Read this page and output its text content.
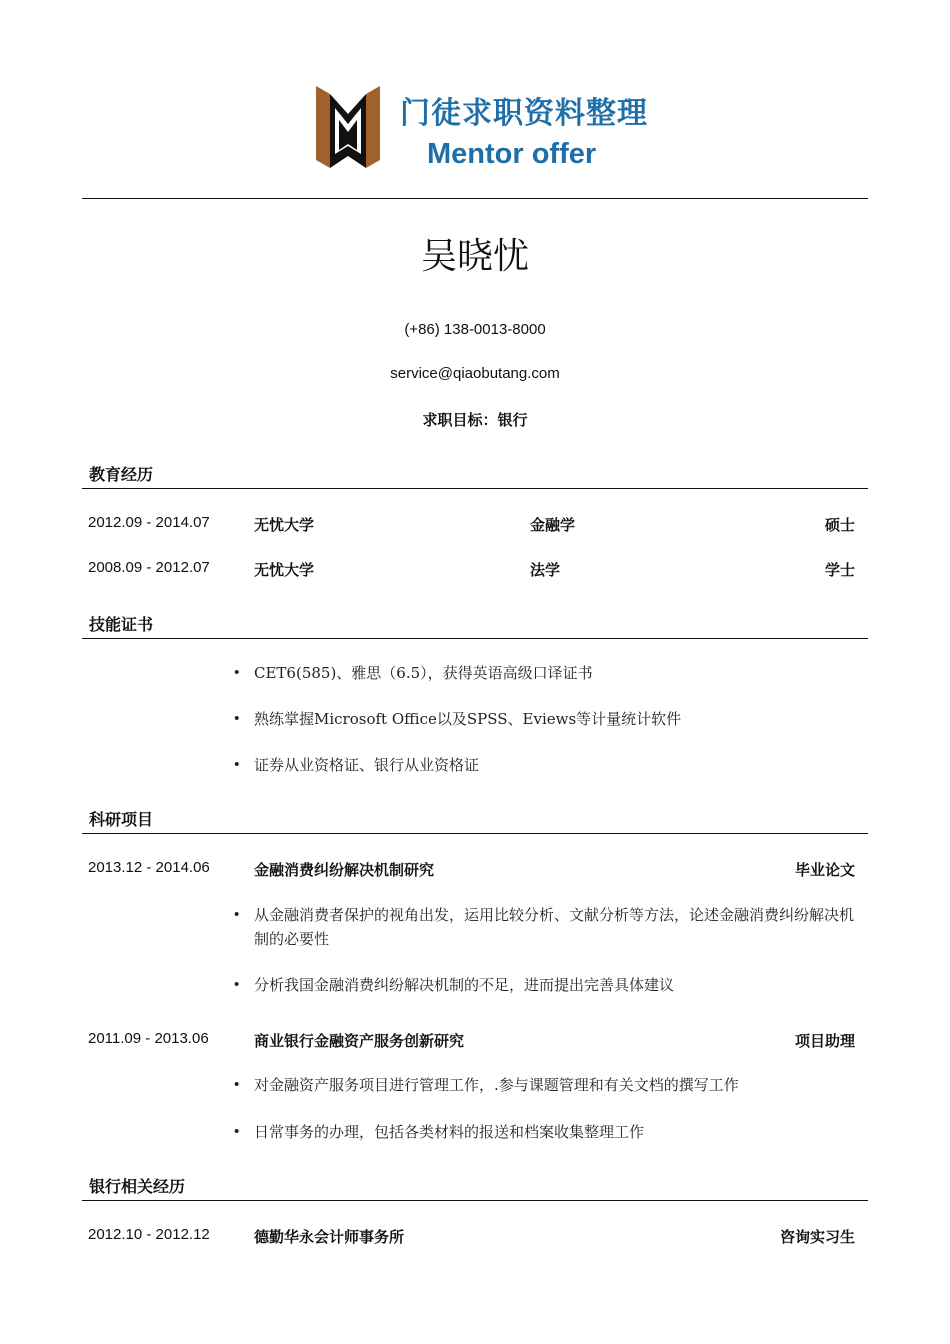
门徒求职资料整理
Mentor offer
吴晓忧
(+86) 138-0013-8000
service@qiaobutang.com
求职目标：银行
教育经历
2012.09 - 2014.07	无忧大学	金融学	硕士
2008.09 - 2012.07	无忧大学	法学	学士
技能证书
• CET6(585)、雅思（6.5），获得英语高级口译证书
• 熟练掌握Microsoft Office以及SPSS、Eviews等计量统计软件
• 证券从业资格证、银行从业资格证
科研项目
2013.12 - 2014.06	金融消费纠纷解决机制研究	毕业论文
• 从金融消费者保护的视角出发，运用比较分析、文献分析等方法，论述金融消费纠纷解决机制的必要性
• 分析我国金融消费纠纷解决机制的不足，进而提出完善具体建议
2011.09 - 2013.06	商业银行金融资产服务创新研究	项目助理
• 对金融资产服务项目进行管理工作，.参与课题管理和有关文档的撰写工作
• 日常事务的办理，包括各类材料的报送和档案收集整理工作
银行相关经历
2012.10 - 2012.12	德勤华永会计师事务所	咨询实习生
